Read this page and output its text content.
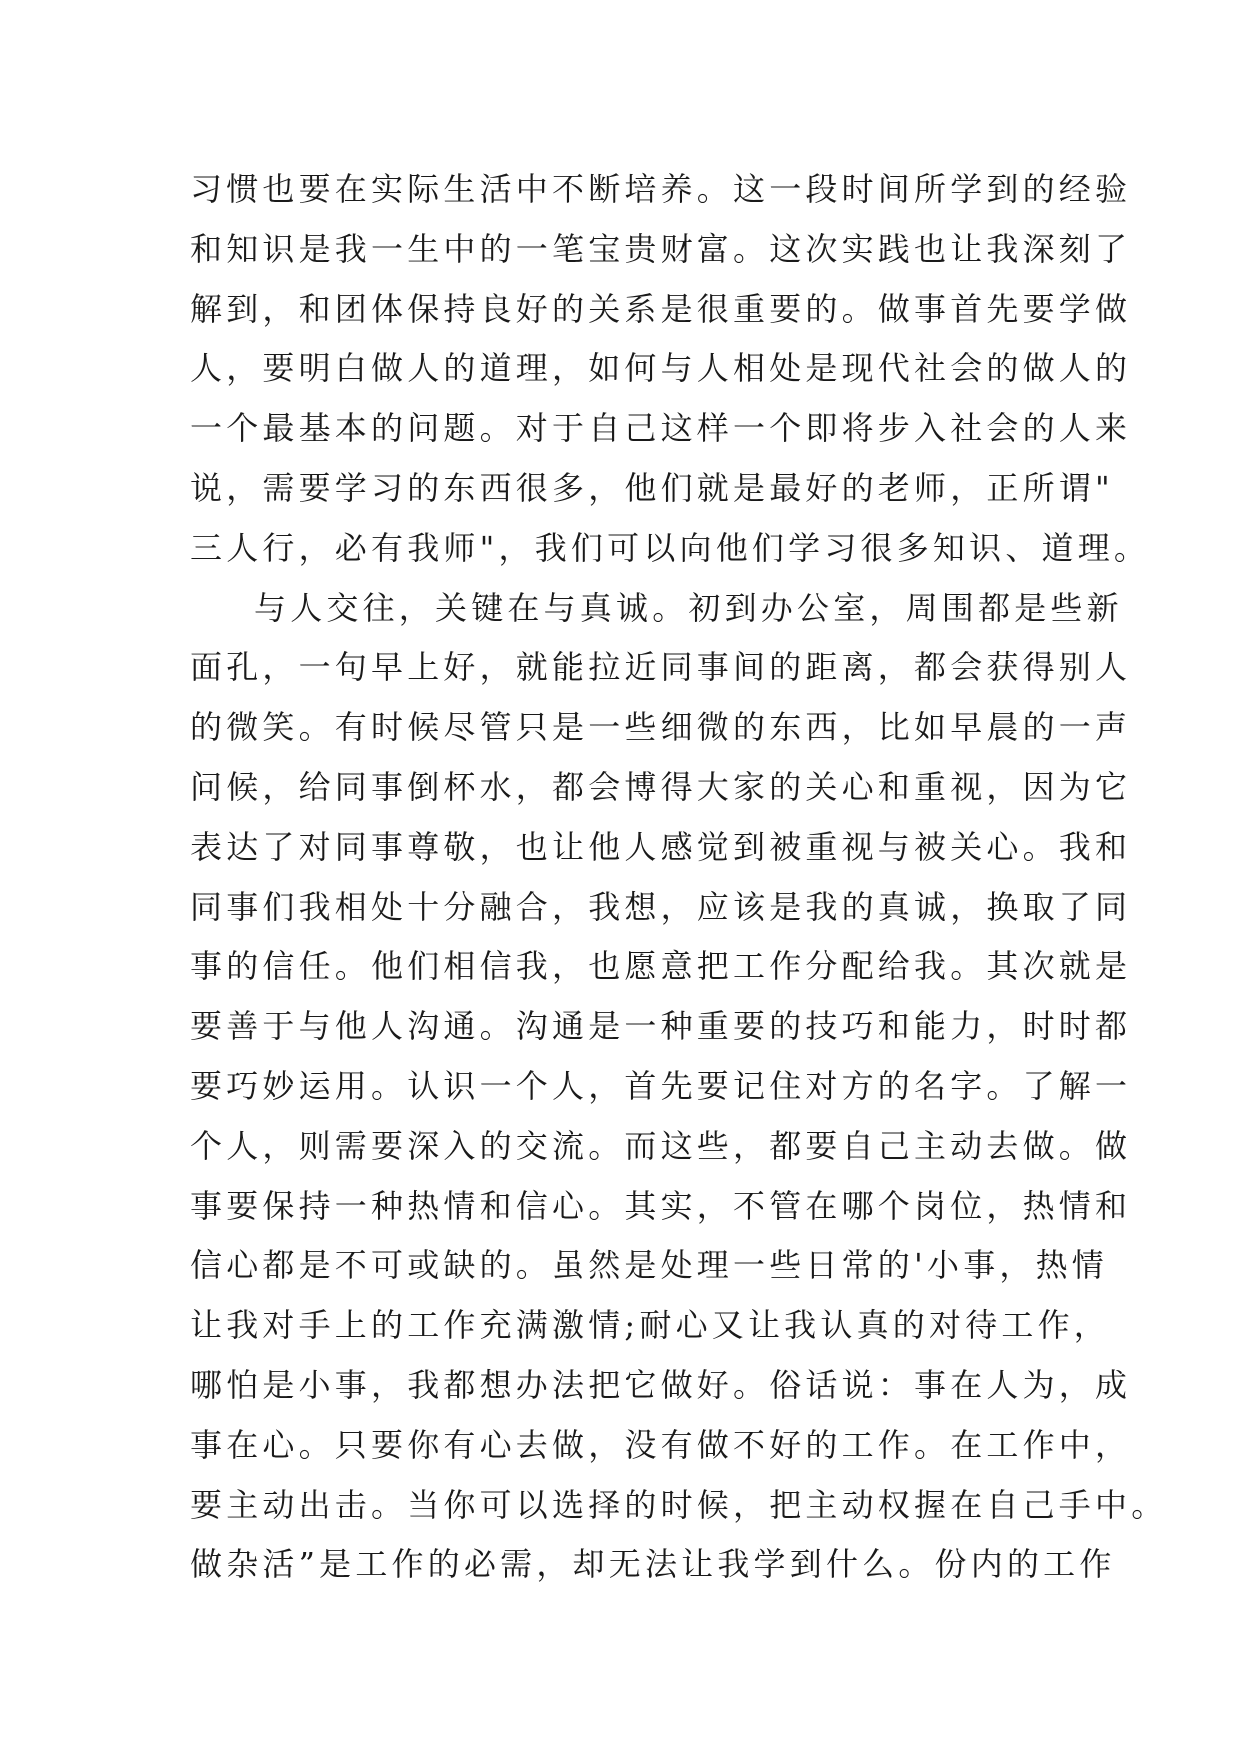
习惯也要在实际生活中不断培养。这一段时间所学到的经验
和知识是我一生中的一笔宝贵财富。这次实践也让我深刻了
解到，和团体保持良好的关系是很重要的。做事首先要学做
人，要明白做人的道理，如何与人相处是现代社会的做人的
一个最基本的问题。对于自己这样一个即将步入社会的人来
说，需要学习的东西很多，他们就是最好的老师，正所谓"
三人行，必有我师"，我们可以向他们学习很多知识、道理。
与人交往，关键在与真诚。初到办公室，周围都是些新
面孔，一句早上好，就能拉近同事间的距离，都会获得别人
的微笑。有时候尽管只是一些细微的东西，比如早晨的一声
问候，给同事倒杯水，都会博得大家的关心和重视，因为它
表达了对同事尊敬，也让他人感觉到被重视与被关心。我和
同事们我相处十分融合，我想，应该是我的真诚，换取了同
事的信任。他们相信我，也愿意把工作分配给我。其次就是
要善于与他人沟通。沟通是一种重要的技巧和能力，时时都
要巧妙运用。认识一个人，首先要记住对方的名字。了解一
个人，则需要深入的交流。而这些，都要自己主动去做。做
事要保持一种热情和信心。其实，不管在哪个岗位，热情和
信心都是不可或缺的。虽然是处理一些日常的'小事，热情
让我对手上的工作充满激情;耐心又让我认真的对待工作，
哪怕是小事，我都想办法把它做好。俗话说：事在人为，成
事在心。只要你有心去做，没有做不好的工作。在工作中，
要主动出击。当你可以选择的时候，把主动权握在自己手中。
做杂活”是工作的必需，却无法让我学到什么。份内的工作
